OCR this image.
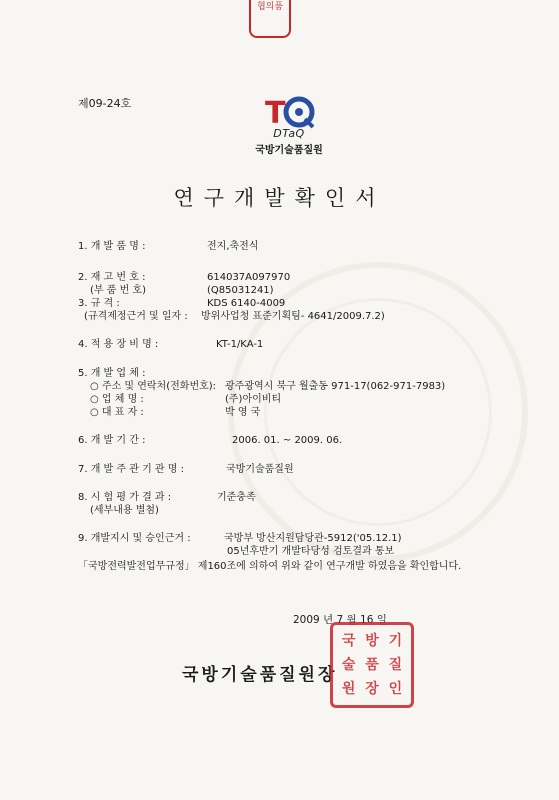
협의품
제09-24호	T
DTaQ
국방기술품질원
연구개발확인서
1. 개 발 품 명 :	전지,축전식
2. 재 고 번 호 :	614037A097970
(부 품 번 호)	(Q85031241)
3. 규 격 :	KDS 6140-4009
(규격제정근거 및 일자 : 방위사업청 표준기획팀- 4641/2009.7.2)
4. 적 용 장 비 명 :	KT-1/KA-1
5. 개 발 업 체 :
○ 주소 및 연락처(전화번호): 광주광역시 북구 월출동 971-17(062-971-7983)
○ 업 체 명 :	(주)아이비티
○ 대 표 자 :	박 영 국
6. 개 발 기 간 :	2006. 01. ~ 2009. 06.
7. 개 발 주 관 기 관 명 :	국방기술품질원
8. 시 험 평 가 결 과 :	기준충족
(세부내용 별첨)
9. 개발지시 및 승인근거 :	국방부 방산지원담당관-5912('05.12.1)
05년후반기 개발타당성 검토결과 통보
「국방전력발전업무규정」 제160조에 의하여 위와 같이 연구개발 하였음을 확인합니다.
2009 년 7 월 16 일
국방기술품질원장
국 방 기
술 품 질
원 장 인
